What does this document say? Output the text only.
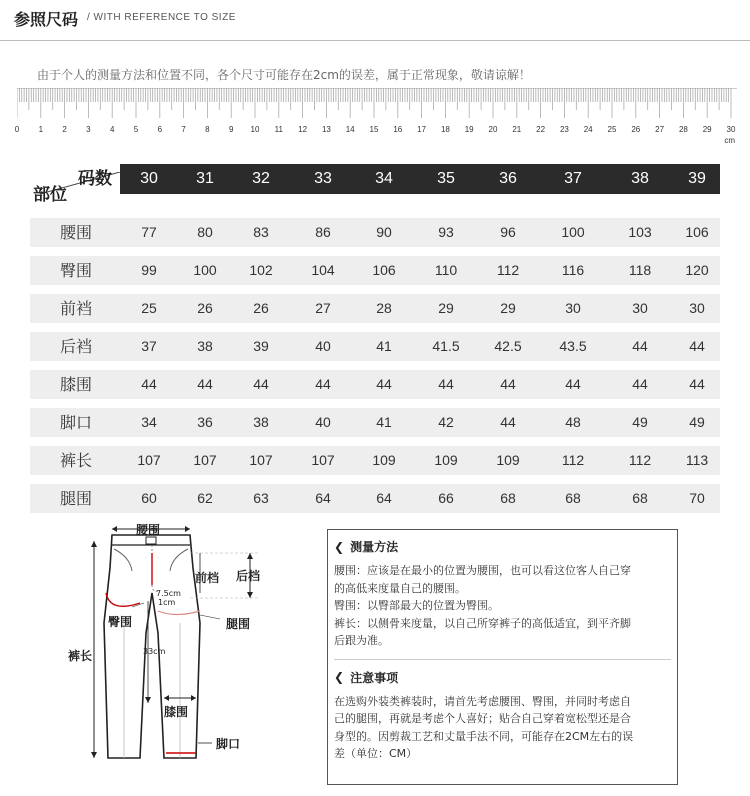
参照尺码 / WITH REFERENCE TO SIZE
由于个人的测量方法和位置不同，各个尺寸可能存在2cm的误差，属于正常现象，敬请谅解！
cm
0 1 2 3 4 5 6 7 8 9 10 11 12 13 14 15 16 17 18 19 20 21 22 23 24 25 26 27 28 29 30
码数
部位
30	31	32	33	34	35	36	37	38	39
腰围	77	80	83	86	90	93	96	100	103	106
臀围	99	100	102	104	106	110	112	116	118	120
前裆	25	26	26	27	28	29	29	30	30	30
后裆	37	38	39	40	41	41.5	42.5	43.5	44	44
膝围	44	44	44	44	44	44	44	44	44	44
脚口	34	36	38	40	41	42	44	48	49	49
裤长	107	107	107	107	109	109	109	112	112	113
腿围	60	62	63	64	64	66	68	68	68	70
腰围
前档 后档
7.5cm
1cm
臀围	腿围
裤长	33cm
膝围
脚口
❮ 测量方法
腰围：应该是在最小的位置为腰围，也可以看这位客人自己穿
的高低来度量自己的腰围。
臀围：以臀部最大的位置为臀围。
裤长：以侧骨来度量，以自己所穿裤子的高低适宜，到平齐脚
后跟为准。
❮ 注意事项
在选购外装类裤装时，请首先考虑腰围、臀围，并同时考虑自
己的腿围，再就是考虑个人喜好；贴合自己穿着宽松型还是合
身型的。因剪裁工艺和丈量手法不同，可能存在2CM左右的误
差（单位：CM）
